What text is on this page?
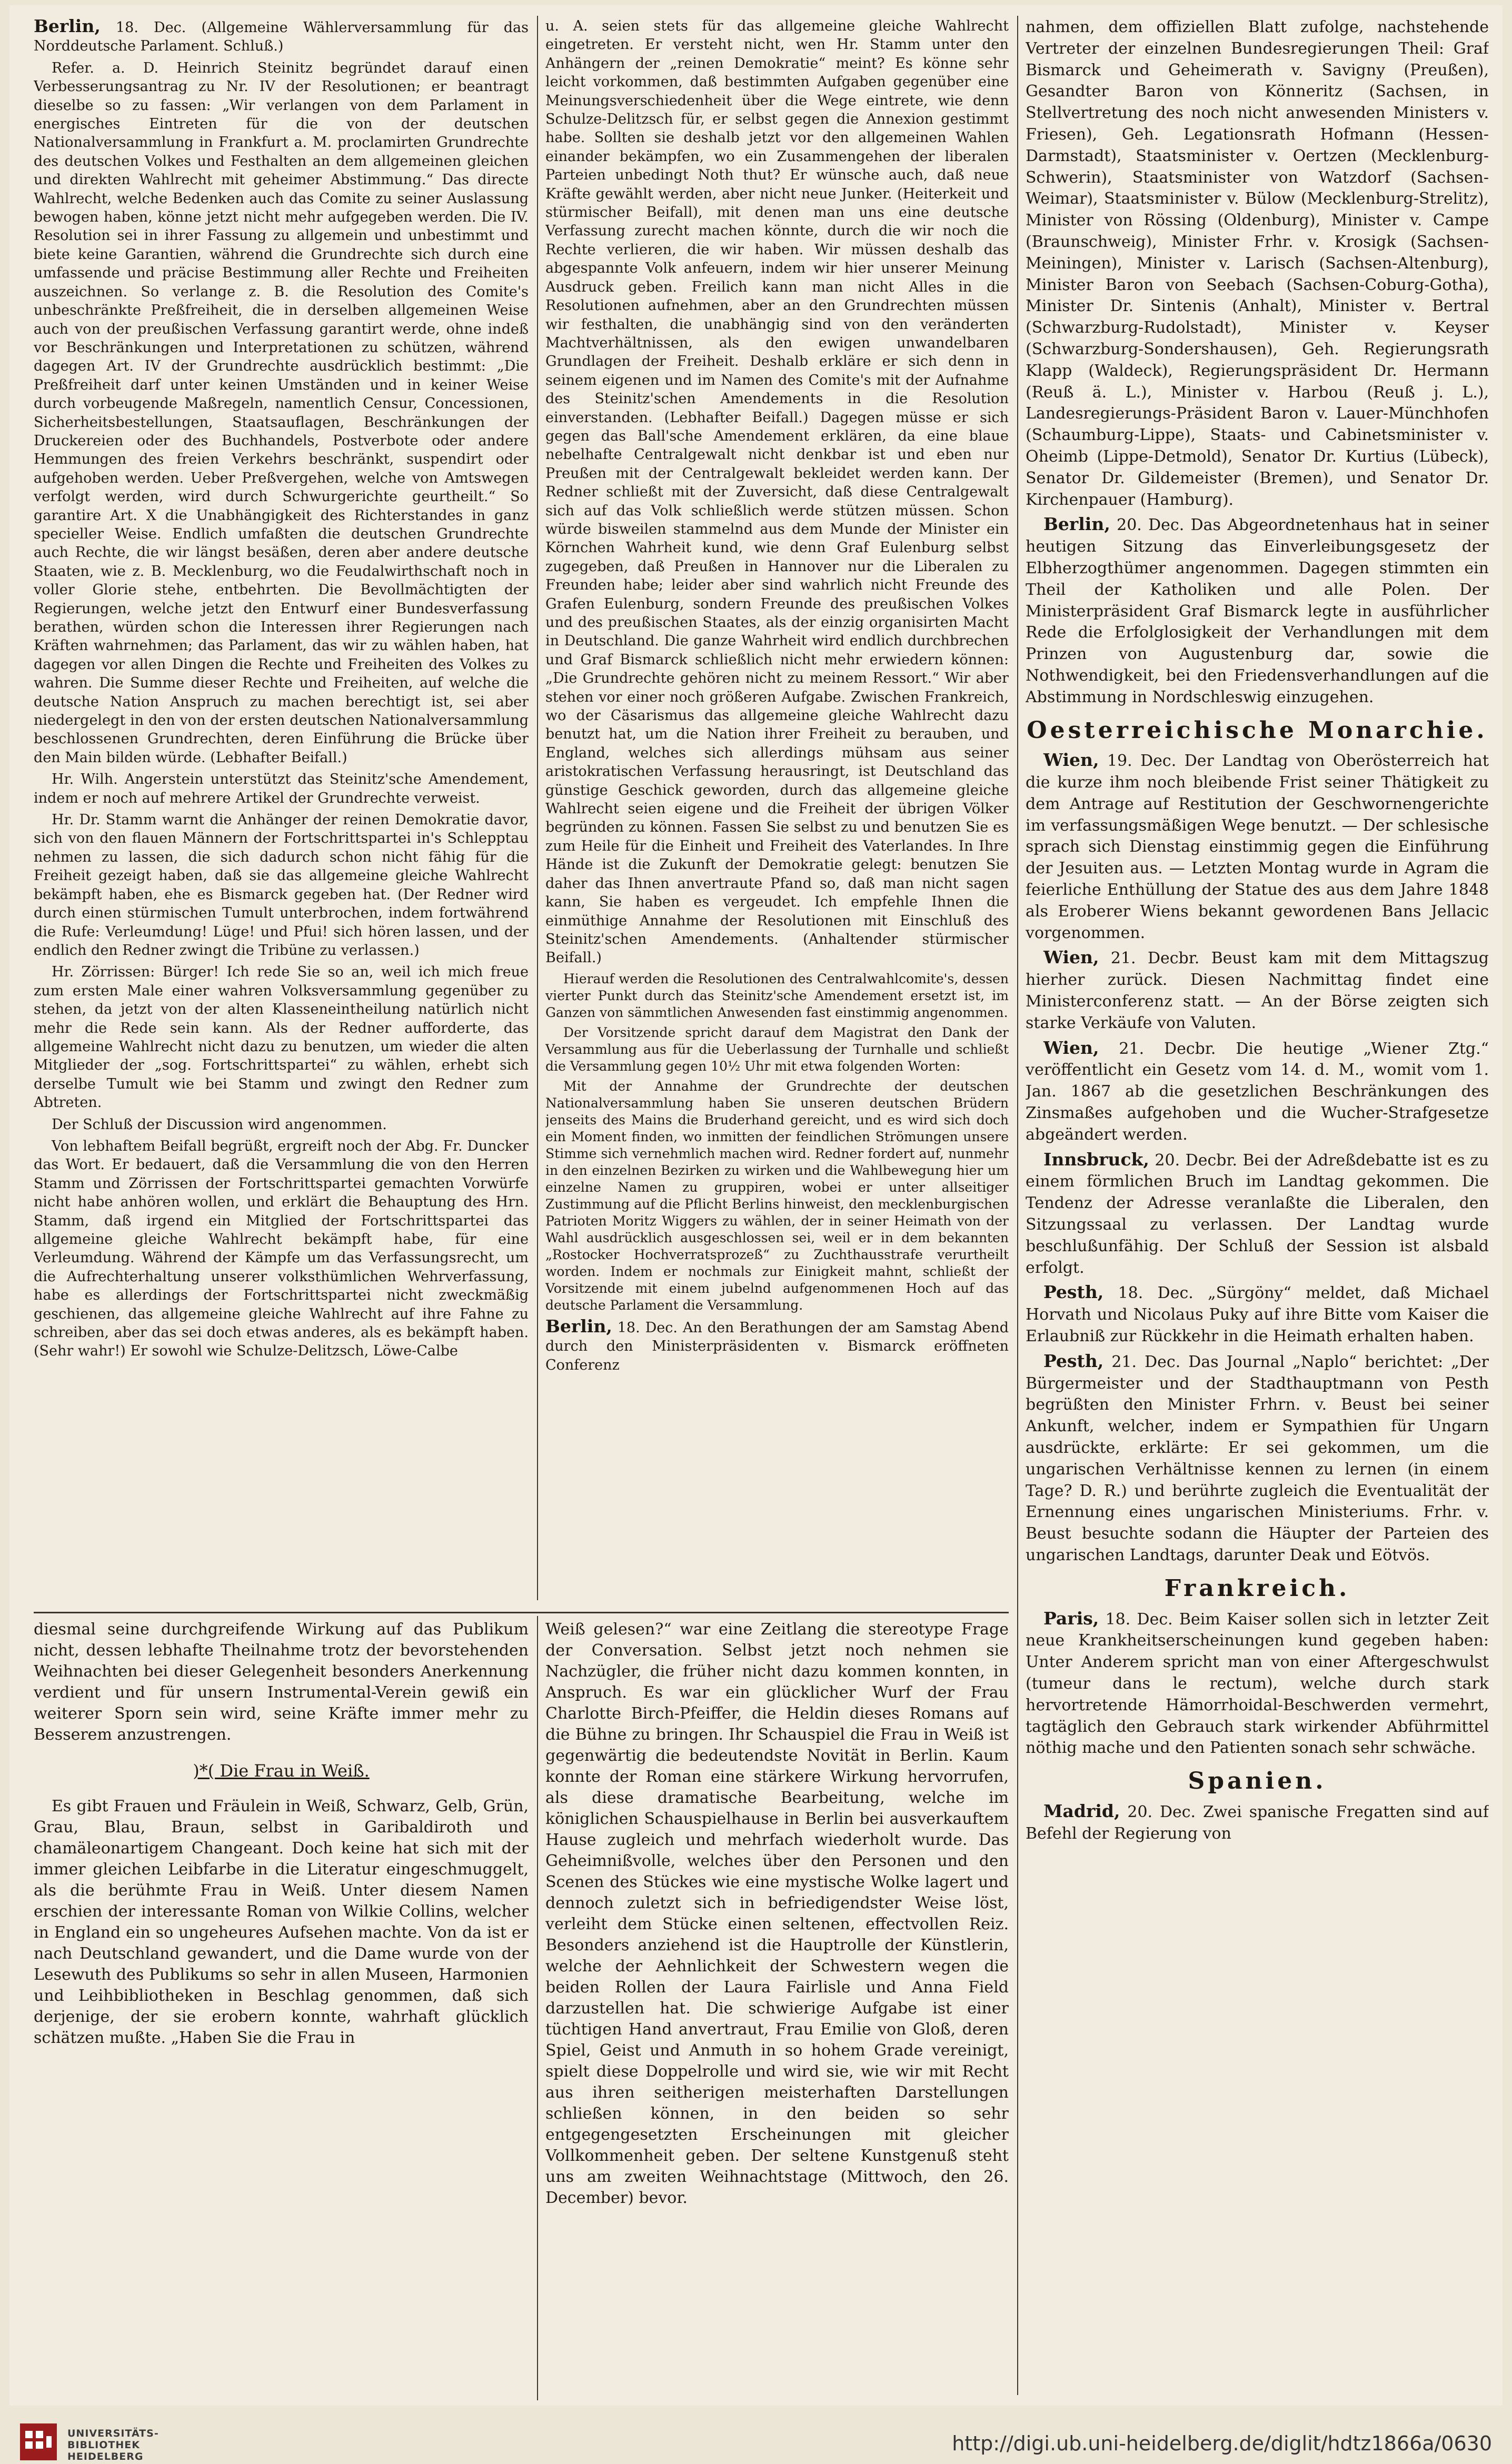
Berlin, 18. Dec. (Allgemeine Wählerversammlung für das Norddeutsche Parlament. Schluß.)

Refer. a. D. Heinrich Steinitz begründet darauf einen Verbesserungsantrag zu Nr. IV der Resolutionen; er beantragt dieselbe so zu fassen: „Wir verlangen von dem Parlament in energisches Eintreten für die von der deutschen Nationalversammlung in Frankfurt a. M. proclamirten Grundrechte des deutschen Volkes und Festhalten an dem allgemeinen gleichen und direkten Wahlrecht mit geheimer Abstimmung.“ Das directe Wahlrecht, welche Bedenken auch das Comite zu seiner Auslassung bewogen haben, könne jetzt nicht mehr aufgegeben werden. Die IV. Resolution sei in ihrer Fassung zu allgemein und unbestimmt und biete keine Garantien, während die Grundrechte sich durch eine umfassende und präcise Bestimmung aller Rechte und Freiheiten auszeichnen. So verlange z. B. die Resolution des Comite's unbeschränkte Preßfreiheit, die in derselben allgemeinen Weise auch von der preußischen Verfassung garantirt werde, ohne indeß vor Beschränkungen und Interpretationen zu schützen, während dagegen Art. IV der Grundrechte ausdrücklich bestimmt: „Die Preßfreiheit darf unter keinen Umständen und in keiner Weise durch vorbeugende Maßregeln, namentlich Censur, Concessionen, Sicherheitsbestellungen, Staatsauflagen, Beschränkungen der Druckereien oder des Buchhandels, Postverbote oder andere Hemmungen des freien Verkehrs beschränkt, suspendirt oder aufgehoben werden. Ueber Preßvergehen, welche von Amtswegen verfolgt werden, wird durch Schwurgerichte geurtheilt.“ So garantire Art. X die Unabhängigkeit des Richterstandes in ganz specieller Weise. Endlich umfaßten die deutschen Grundrechte auch Rechte, die wir längst besäßen, deren aber andere deutsche Staaten, wie z. B. Mecklenburg, wo die Feudalwirthschaft noch in voller Glorie stehe, entbehrten. Die Bevollmächtigten der Regierungen, welche jetzt den Entwurf einer Bundesverfassung berathen, würden schon die Interessen ihrer Regierungen nach Kräften wahrnehmen; das Parlament, das wir zu wählen haben, hat dagegen vor allen Dingen die Rechte und Freiheiten des Volkes zu wahren. Die Summe dieser Rechte und Freiheiten, auf welche die deutsche Nation Anspruch zu machen berechtigt ist, sei aber niedergelegt in den von der ersten deutschen Nationalversammlung beschlossenen Grundrechten, deren Einführung die Brücke über den Main bilden würde. (Lebhafter Beifall.)

Hr. Wilh. Angerstein unterstützt das Steinitz'sche Amendement, indem er noch auf mehrere Artikel der Grundrechte verweist.

Hr. Dr. Stamm warnt die Anhänger der reinen Demokratie davor, sich von den flauen Männern der Fortschrittspartei in's Schlepptau nehmen zu lassen, die sich dadurch schon nicht fähig für die Freiheit gezeigt haben, daß sie das allgemeine gleiche Wahlrecht bekämpft haben, ehe es Bismarck gegeben hat. (Der Redner wird durch einen stürmischen Tumult unterbrochen, indem fortwährend die Rufe: Verleumdung! Lüge! und Pfui! sich hören lassen, und der endlich den Redner zwingt die Tribüne zu verlassen.)

Hr. Zörrissen: Bürger! Ich rede Sie so an, weil ich mich freue zum ersten Male einer wahren Volksversammlung gegenüber zu stehen, da jetzt von der alten Klasseneintheilung natürlich nicht mehr die Rede sein kann. Als der Redner aufforderte, das allgemeine Wahlrecht nicht dazu zu benutzen, um wieder die alten Mitglieder der „sog. Fortschrittspartei“ zu wählen, erhebt sich derselbe Tumult wie bei Stamm und zwingt den Redner zum Abtreten.

Der Schluß der Discussion wird angenommen.

Von lebhaftem Beifall begrüßt, ergreift noch der Abg. Fr. Duncker das Wort. Er bedauert, daß die Versammlung die von den Herren Stamm und Zörrissen der Fortschrittspartei gemachten Vorwürfe nicht habe anhören wollen, und erklärt die Behauptung des Hrn. Stamm, daß irgend ein Mitglied der Fortschrittspartei das allgemeine gleiche Wahlrecht bekämpft habe, für eine Verleumdung. Während der Kämpfe um das Verfassungsrecht, um die Aufrechterhaltung unserer volksthümlichen Wehrverfassung, habe es allerdings der Fortschrittspartei nicht zweckmäßig geschienen, das allgemeine gleiche Wahlrecht auf ihre Fahne zu schreiben, aber das sei doch etwas anderes, als es bekämpft haben. (Sehr wahr!) Er sowohl wie Schulze-Delitzsch, Löwe-Calbe

u. A. seien stets für das allgemeine gleiche Wahlrecht eingetreten. Er versteht nicht, wen Hr. Stamm unter den Anhängern der „reinen Demokratie“ meint? Es könne sehr leicht vorkommen, daß bestimmten Aufgaben gegenüber eine Meinungsverschiedenheit über die Wege eintrete, wie denn Schulze-Delitzsch für, er selbst gegen die Annexion gestimmt habe. Sollten sie deshalb jetzt vor den allgemeinen Wahlen einander bekämpfen, wo ein Zusammengehen der liberalen Parteien unbedingt Noth thut? Er wünsche auch, daß neue Kräfte gewählt werden, aber nicht neue Junker. (Heiterkeit und stürmischer Beifall), mit denen man uns eine deutsche Verfassung zurecht machen könnte, durch die wir noch die Rechte verlieren, die wir haben. Wir müssen deshalb das abgespannte Volk anfeuern, indem wir hier unserer Meinung Ausdruck geben. Freilich kann man nicht Alles in die Resolutionen aufnehmen, aber an den Grundrechten müssen wir festhalten, die unabhängig sind von den veränderten Machtverhältnissen, als den ewigen unwandelbaren Grundlagen der Freiheit. Deshalb erkläre er sich denn in seinem eigenen und im Namen des Comite's mit der Aufnahme des Steinitz'schen Amendements in die Resolution einverstanden. (Lebhafter Beifall.) Dagegen müsse er sich gegen das Ball'sche Amendement erklären, da eine blaue nebelhafte Centralgewalt nicht denkbar ist und eben nur Preußen mit der Centralgewalt bekleidet werden kann. Der Redner schließt mit der Zuversicht, daß diese Centralgewalt sich auf das Volk schließlich werde stützen müssen. Schon würde bisweilen stammelnd aus dem Munde der Minister ein Körnchen Wahrheit kund, wie denn Graf Eulenburg selbst zugegeben, daß Preußen in Hannover nur die Liberalen zu Freunden habe; leider aber sind wahrlich nicht Freunde des Grafen Eulenburg, sondern Freunde des preußischen Volkes und des preußischen Staates, als der einzig organisirten Macht in Deutschland. Die ganze Wahrheit wird endlich durchbrechen und Graf Bismarck schließlich nicht mehr erwiedern können: „Die Grundrechte gehören nicht zu meinem Ressort.“ Wir aber stehen vor einer noch größeren Aufgabe. Zwischen Frankreich, wo der Cäsarismus das allgemeine gleiche Wahlrecht dazu benutzt hat, um die Nation ihrer Freiheit zu berauben, und England, welches sich allerdings mühsam aus seiner aristokratischen Verfassung herausringt, ist Deutschland das günstige Geschick geworden, durch das allgemeine gleiche Wahlrecht seien eigene und die Freiheit der übrigen Völker begründen zu können. Fassen Sie selbst zu und benutzen Sie es zum Heile für die Einheit und Freiheit des Vaterlandes. In Ihre Hände ist die Zukunft der Demokratie gelegt: benutzen Sie daher das Ihnen anvertraute Pfand so, daß man nicht sagen kann, Sie haben es vergeudet. Ich empfehle Ihnen die einmüthige Annahme der Resolutionen mit Einschluß des Steinitz'schen Amendements. (Anhaltender stürmischer Beifall.)

Hierauf werden die Resolutionen des Centralwahlcomite's, dessen vierter Punkt durch das Steinitz'sche Amendement ersetzt ist, im Ganzen von sämmtlichen Anwesenden fast einstimmig angenommen.

Der Vorsitzende spricht darauf dem Magistrat den Dank der Versammlung aus für die Ueberlassung der Turnhalle und schließt die Versammlung gegen 10½ Uhr mit etwa folgenden Worten:

Mit der Annahme der Grundrechte der deutschen Nationalversammlung haben Sie unseren deutschen Brüdern jenseits des Mains die Bruderhand gereicht, und es wird sich doch ein Moment finden, wo inmitten der feindlichen Strömungen unsere Stimme sich vernehmlich machen wird. Redner fordert auf, nunmehr in den einzelnen Bezirken zu wirken und die Wahlbewegung hier um einzelne Namen zu gruppiren, wobei er unter allseitiger Zustimmung auf die Pflicht Berlins hinweist, den mecklenburgischen Patrioten Moritz Wiggers zu wählen, der in seiner Heimath von der Wahl ausdrücklich ausgeschlossen sei, weil er in dem bekannten „Rostocker Hochverratsprozeß“ zu Zuchthausstrafe verurtheilt worden. Indem er nochmals zur Einigkeit mahnt, schließt der Vorsitzende mit einem jubelnd aufgenommenen Hoch auf das deutsche Parlament die Versammlung.

Berlin, 18. Dec. An den Berathungen der am Samstag Abend durch den Ministerpräsidenten v. Bismarck eröffneten Conferenz

nahmen, dem offiziellen Blatt zufolge, nachstehende Vertreter der einzelnen Bundesregierungen Theil: Graf Bismarck und Geheimerath v. Savigny (Preußen), Gesandter Baron von Könneritz (Sachsen, in Stellvertretung des noch nicht anwesenden Ministers v. Friesen), Geh. Legationsrath Hofmann (Hessen-Darmstadt), Staatsminister v. Oertzen (Mecklenburg-Schwerin), Staatsminister von Watzdorf (Sachsen-Weimar), Staatsminister v. Bülow (Mecklenburg-Strelitz), Minister von Rössing (Oldenburg), Minister v. Campe (Braunschweig), Minister Frhr. v. Krosigk (Sachsen-Meiningen), Minister v. Larisch (Sachsen-Altenburg), Minister Baron von Seebach (Sachsen-Coburg-Gotha), Minister Dr. Sintenis (Anhalt), Minister v. Bertral (Schwarzburg-Rudolstadt), Minister v. Keyser (Schwarzburg-Sondershausen), Geh. Regierungsrath Klapp (Waldeck), Regierungspräsident Dr. Hermann (Reuß ä. L.), Minister v. Harbou (Reuß j. L.), Landesregierungs-Präsident Baron v. Lauer-Münchhofen (Schaumburg-Lippe), Staats- und Cabinetsminister v. Oheimb (Lippe-Detmold), Senator Dr. Kurtius (Lübeck), Senator Dr. Gildemeister (Bremen), und Senator Dr. Kirchenpauer (Hamburg).

Berlin, 20. Dec. Das Abgeordnetenhaus hat in seiner heutigen Sitzung das Einverleibungsgesetz der Elbherzogthümer angenommen. Dagegen stimmten ein Theil der Katholiken und alle Polen. Der Ministerpräsident Graf Bismarck legte in ausführlicher Rede die Erfolglosigkeit der Verhandlungen mit dem Prinzen von Augustenburg dar, sowie die Nothwendigkeit, bei den Friedensverhandlungen auf die Abstimmung in Nordschleswig einzugehen.

Oesterreichische Monarchie.

Wien, 19. Dec. Der Landtag von Oberösterreich hat die kurze ihm noch bleibende Frist seiner Thätigkeit zu dem Antrage auf Restitution der Geschwornengerichte im verfassungsmäßigen Wege benutzt. — Der schlesische sprach sich Dienstag einstimmig gegen die Einführung der Jesuiten aus. — Letzten Montag wurde in Agram die feierliche Enthüllung der Statue des aus dem Jahre 1848 als Eroberer Wiens bekannt gewordenen Bans Jellacic vorgenommen.

Wien, 21. Decbr. Beust kam mit dem Mittagszug hierher zurück. Diesen Nachmittag findet eine Ministerconferenz statt. — An der Börse zeigten sich starke Verkäufe von Valuten.

Wien, 21. Decbr. Die heutige „Wiener Ztg.“ veröffentlicht ein Gesetz vom 14. d. M., womit vom 1. Jan. 1867 ab die gesetzlichen Beschränkungen des Zinsmaßes aufgehoben und die Wucher-Strafgesetze abgeändert werden.

Innsbruck, 20. Decbr. Bei der Adreßdebatte ist es zu einem förmlichen Bruch im Landtag gekommen. Die Tendenz der Adresse veranlaßte die Liberalen, den Sitzungssaal zu verlassen. Der Landtag wurde beschlußunfähig. Der Schluß der Session ist alsbald erfolgt.

Pesth, 18. Dec. „Sürgöny“ meldet, daß Michael Horvath und Nicolaus Puky auf ihre Bitte vom Kaiser die Erlaubniß zur Rückkehr in die Heimath erhalten haben.

Pesth, 21. Dec. Das Journal „Naplo“ berichtet: „Der Bürgermeister und der Stadthauptmann von Pesth begrüßten den Minister Frhrn. v. Beust bei seiner Ankunft, welcher, indem er Sympathien für Ungarn ausdrückte, erklärte: Er sei gekommen, um die ungarischen Verhältnisse kennen zu lernen (in einem Tage? D. R.) und berührte zugleich die Eventualität der Ernennung eines ungarischen Ministeriums. Frhr. v. Beust besuchte sodann die Häupter der Parteien des ungarischen Landtags, darunter Deak und Eötvös.

Frankreich.

Paris, 18. Dec. Beim Kaiser sollen sich in letzter Zeit neue Krankheitserscheinungen kund gegeben haben: Unter Anderem spricht man von einer Aftergeschwulst (tumeur dans le rectum), welche durch stark hervortretende Hämorrhoidal-Beschwerden vermehrt, tagtäglich den Gebrauch stark wirkender Abführmittel nöthig mache und den Patienten sonach sehr schwäche.

Spanien.

Madrid, 20. Dec. Zwei spanische Fregatten sind auf Befehl der Regierung von

diesmal seine durchgreifende Wirkung auf das Publikum nicht, dessen lebhafte Theilnahme trotz der bevorstehenden Weihnachten bei dieser Gelegenheit besonders Anerkennung verdient und für unsern Instrumental-Verein gewiß ein weiterer Sporn sein wird, seine Kräfte immer mehr zu Besserem anzustrengen.

)*( Die Frau in Weiß.

Es gibt Frauen und Fräulein in Weiß, Schwarz, Gelb, Grün, Grau, Blau, Braun, selbst in Garibaldiroth und chamäleonartigem Changeant. Doch keine hat sich mit der immer gleichen Leibfarbe in die Literatur eingeschmuggelt, als die berühmte Frau in Weiß. Unter diesem Namen erschien der interessante Roman von Wilkie Collins, welcher in England ein so ungeheures Aufsehen machte. Von da ist er nach Deutschland gewandert, und die Dame wurde von der Lesewuth des Publikums so sehr in allen Museen, Harmonien und Leihbibliotheken in Beschlag genommen, daß sich derjenige, der sie erobern konnte, wahrhaft glücklich schätzen mußte. „Haben Sie die Frau in

Weiß gelesen?“ war eine Zeitlang die stereotype Frage der Conversation. Selbst jetzt noch nehmen sie Nachzügler, die früher nicht dazu kommen konnten, in Anspruch. Es war ein glücklicher Wurf der Frau Charlotte Birch-Pfeiffer, die Heldin dieses Romans auf die Bühne zu bringen. Ihr Schauspiel die Frau in Weiß ist gegenwärtig die bedeutendste Novität in Berlin. Kaum konnte der Roman eine stärkere Wirkung hervorrufen, als diese dramatische Bearbeitung, welche im königlichen Schauspielhause in Berlin bei ausverkauftem Hause zugleich und mehrfach wiederholt wurde. Das Geheimnißvolle, welches über den Personen und den Scenen des Stückes wie eine mystische Wolke lagert und dennoch zuletzt sich in befriedigendster Weise löst, verleiht dem Stücke einen seltenen, effectvollen Reiz. Besonders anziehend ist die Hauptrolle der Künstlerin, welche der Aehnlichkeit der Schwestern wegen die beiden Rollen der Laura Fairlisle und Anna Field darzustellen hat. Die schwierige Aufgabe ist einer tüchtigen Hand anvertraut, Frau Emilie von Gloß, deren Spiel, Geist und Anmuth in so hohem Grade vereinigt, spielt diese Doppelrolle und wird sie, wie wir mit Recht aus ihren seitherigen meisterhaften Darstellungen schließen können, in den beiden so sehr entgegengesetzten Erscheinungen mit gleicher Vollkommenheit geben. Der seltene Kunstgenuß steht uns am zweiten Weihnachtstage (Mittwoch, den 26. December) bevor.

UNIVERSITÄTS-
BIBLIOTHEK
HEIDELBERG
http://digi.ub.uni-heidelberg.de/diglit/hdtz1866a/0630
